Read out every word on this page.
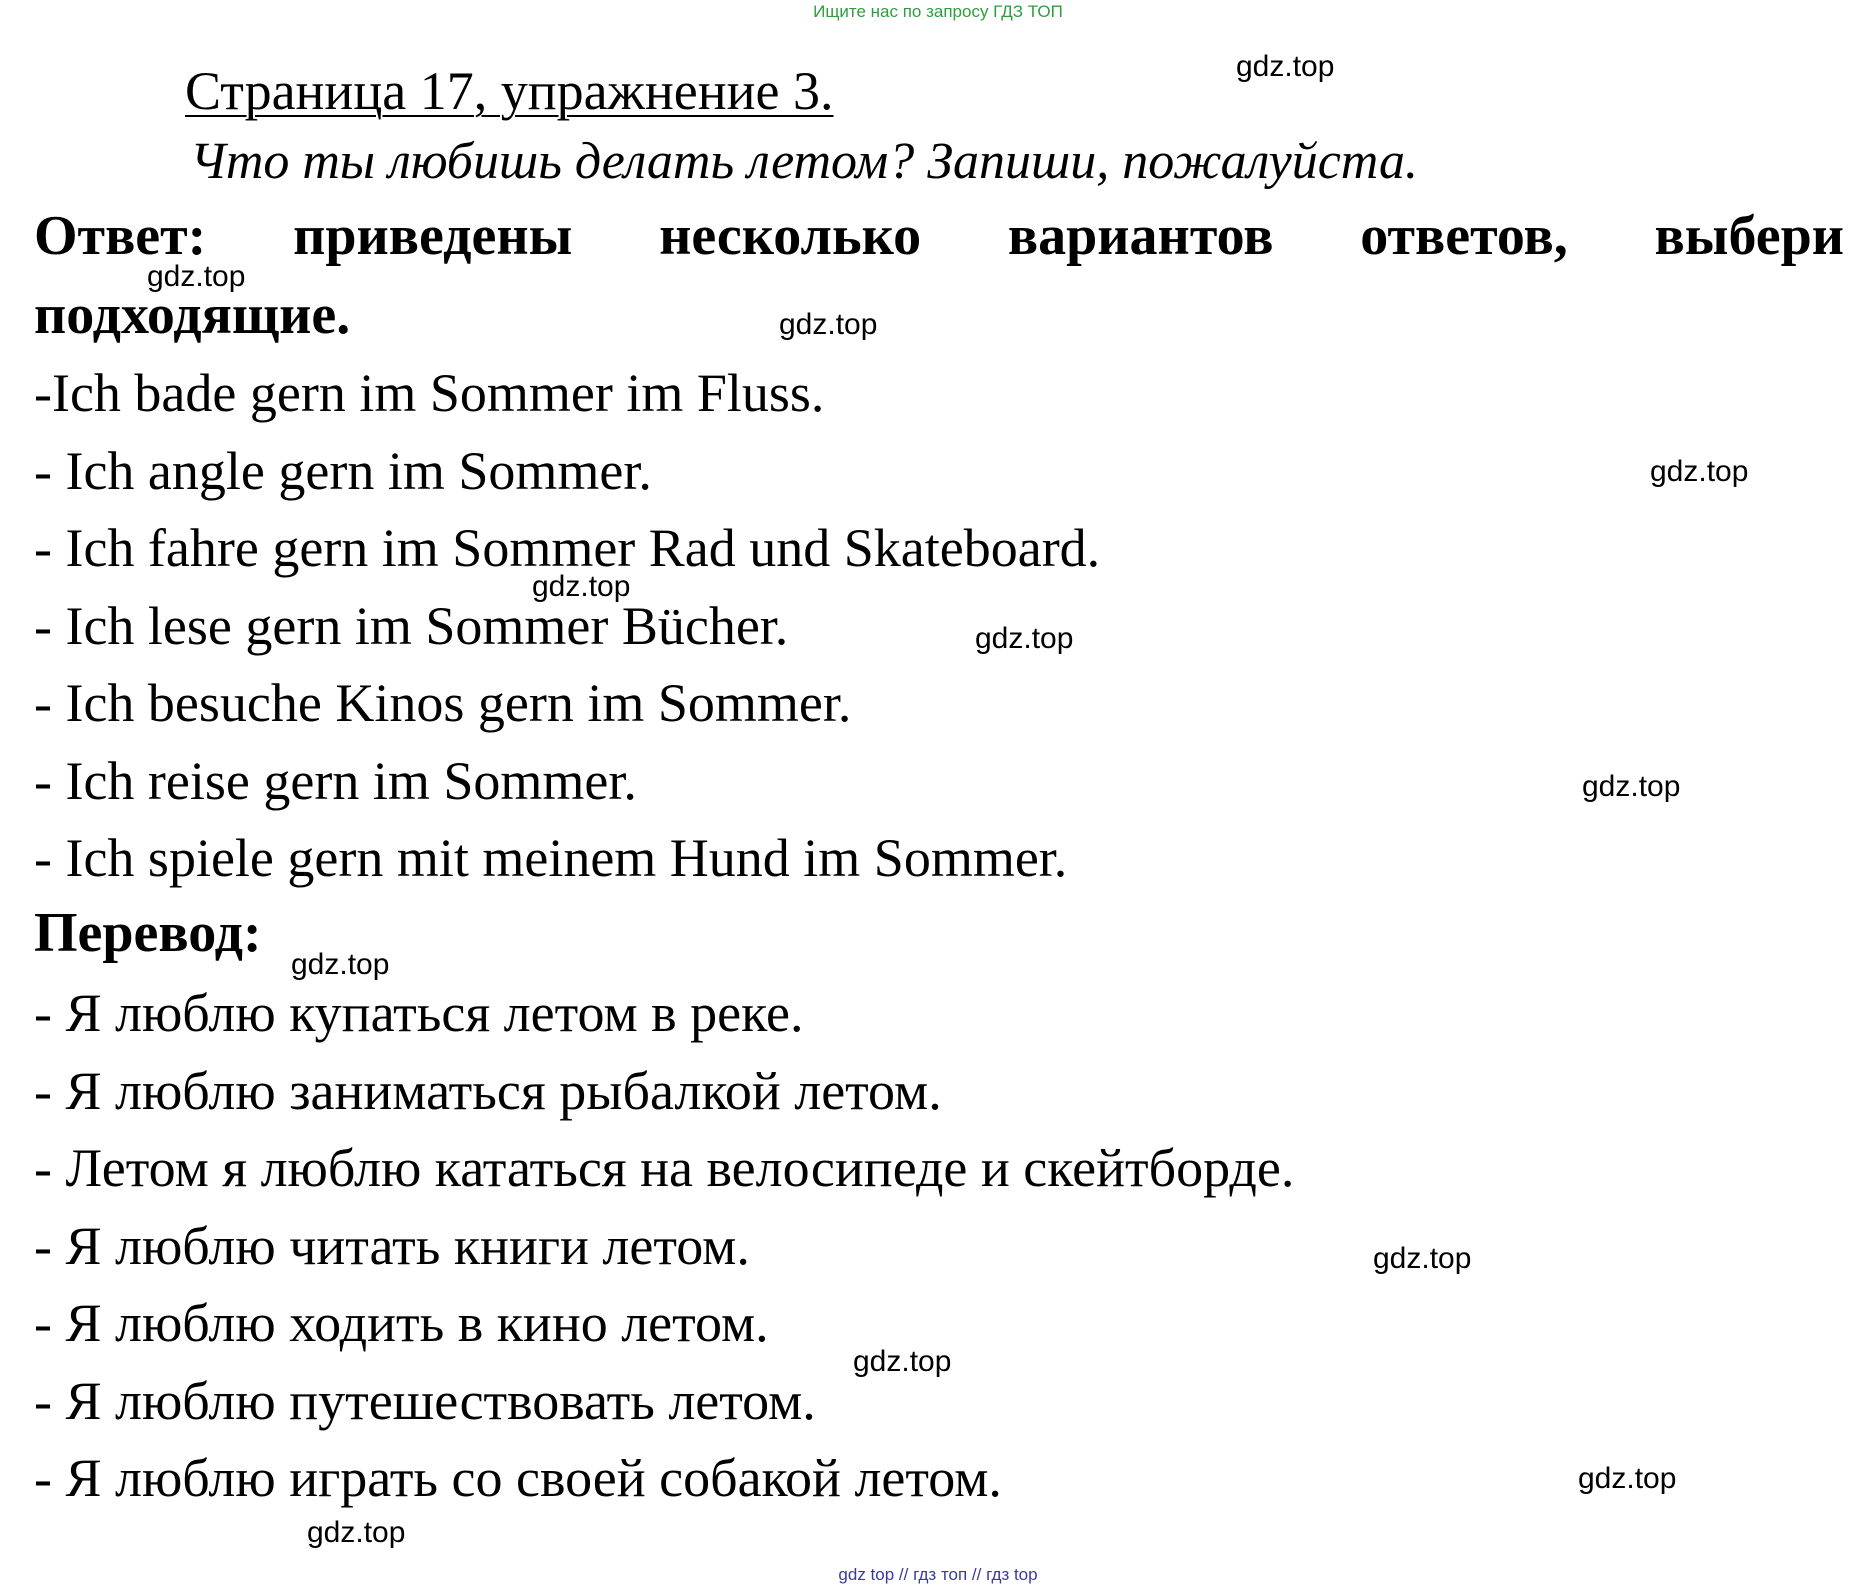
Ищите нас по запросу ГДЗ ТОП
Страница 17, упражнение 3.
Что ты любишь делать летом? Запиши, пожалуйста.
Ответ: приведены несколько вариантов ответов, выбери
подходящие.
-Ich bade gern im Sommer im Fluss.
- Ich angle gern im Sommer.
- Ich fahre gern im Sommer Rad und Skateboard.
- Ich lese gern im Sommer Bücher.
- Ich besuche Kinos gern im Sommer.
- Ich reise gern im Sommer.
- Ich spiele gern mit meinem Hund im Sommer.
Перевод:
- Я люблю купаться летом в реке.
- Я люблю заниматься рыбалкой летом.
- Летом я люблю кататься на велосипеде и скейтборде.
- Я люблю читать книги летом.
- Я люблю ходить в кино летом.
- Я люблю путешествовать летом.
- Я люблю играть со своей собакой летом.
gdz.top
gdz.top
gdz.top
gdz.top
gdz.top
gdz.top
gdz.top
gdz.top
gdz.top
gdz.top
gdz.top
gdz.top
gdz top // гдз топ // гдз top
